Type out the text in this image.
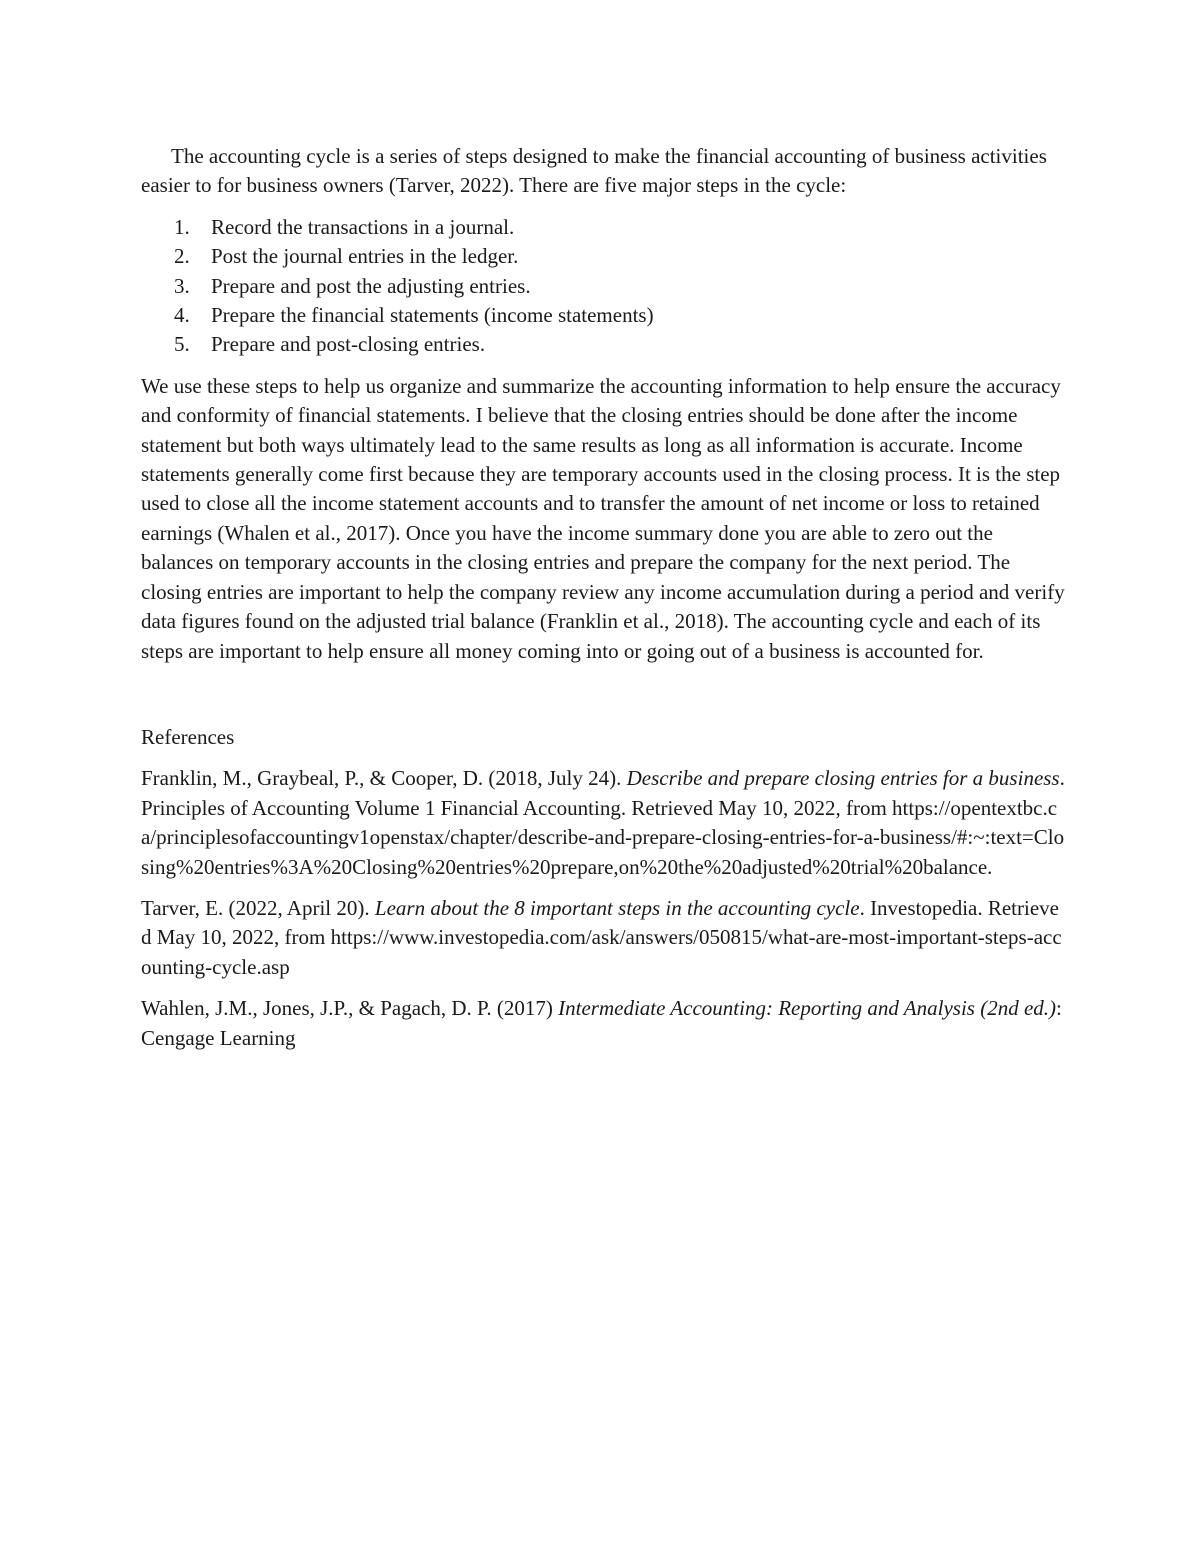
The accounting cycle is a series of steps designed to make the financial accounting of business activities easier to for business owners (Tarver, 2022). There are five major steps in the cycle:

1. Record the transactions in a journal.
2. Post the journal entries in the ledger.
3. Prepare and post the adjusting entries.
4. Prepare the financial statements (income statements)
5. Prepare and post-closing entries.

We use these steps to help us organize and summarize the accounting information to help ensure the accuracy and conformity of financial statements. I believe that the closing entries should be done after the income statement but both ways ultimately lead to the same results as long as all information is accurate. Income statements generally come first because they are temporary accounts used in the closing process. It is the step used to close all the income statement accounts and to transfer the amount of net income or loss to retained earnings (Whalen et al., 2017). Once you have the income summary done you are able to zero out the balances on temporary accounts in the closing entries and prepare the company for the next period. The closing entries are important to help the company review any income accumulation during a period and verify data figures found on the adjusted trial balance (Franklin et al., 2018). The accounting cycle and each of its steps are important to help ensure all money coming into or going out of a business is accounted for.

References

Franklin, M., Graybeal, P., & Cooper, D. (2018, July 24). Describe and prepare closing entries for a business. Principles of Accounting Volume 1 Financial Accounting. Retrieved May 10, 2022, from https://opentextbc.ca/principlesofaccountingv1openstax/chapter/describe-and-prepare-closing-entries-for-a-business/#:~:text=Closing%20entries%3A%20Closing%20entries%20prepare,on%20the%20adjusted%20trial%20balance.

Tarver, E. (2022, April 20). Learn about the 8 important steps in the accounting cycle. Investopedia. Retrieved May 10, 2022, from https://www.investopedia.com/ask/answers/050815/what-are-most-important-steps-accounting-cycle.asp

Wahlen, J.M., Jones, J.P., & Pagach, D. P. (2017) Intermediate Accounting: Reporting and Analysis (2nd ed.): Cengage Learning
